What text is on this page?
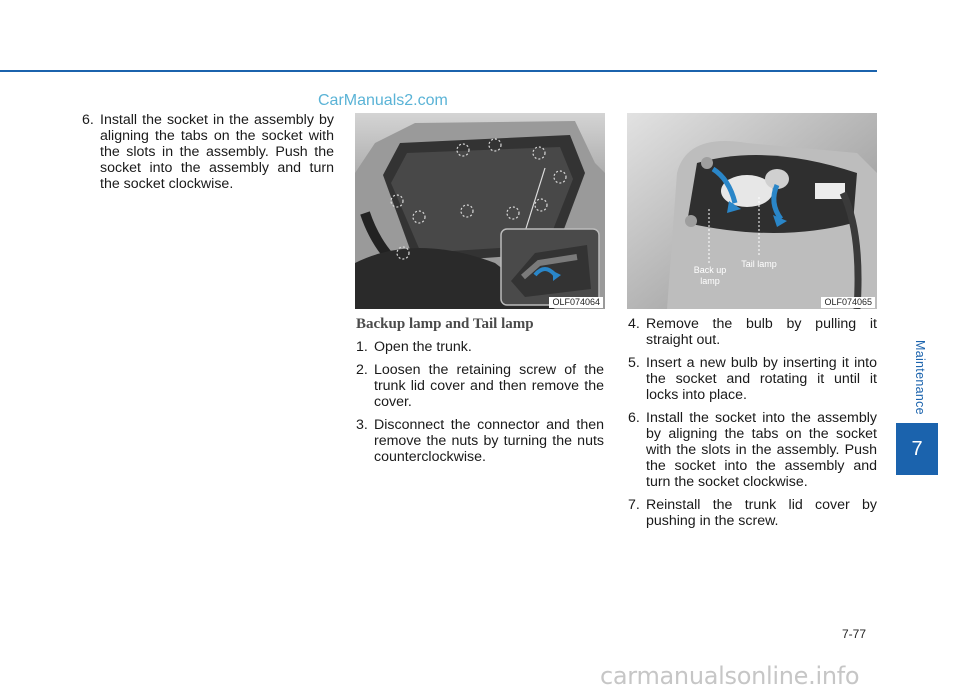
CarManuals2.com
6. Install the socket in the assembly by aligning the tabs on the socket with the slots in the assembly. Push the socket into the assembly and turn the socket clockwise.
OLF074064
Back up
lamp
Tail lamp
OLF074065
Backup lamp and Tail lamp
1. Open the trunk.
2. Loosen the retaining screw of the trunk lid cover and then remove the cover.
3. Disconnect the connector and then remove the nuts by turning the nuts counterclockwise.
4. Remove the bulb by pulling it straight out.
5. Insert a new bulb by inserting it into the socket and rotating it until it locks into place.
6. Install the socket into the assembly by aligning the tabs on the socket with the slots in the assembly. Push the socket into the assembly and turn the socket clockwise.
7. Reinstall the trunk lid cover by pushing in the screw.
Maintenance
7
7-77
carmanualsonline.info
